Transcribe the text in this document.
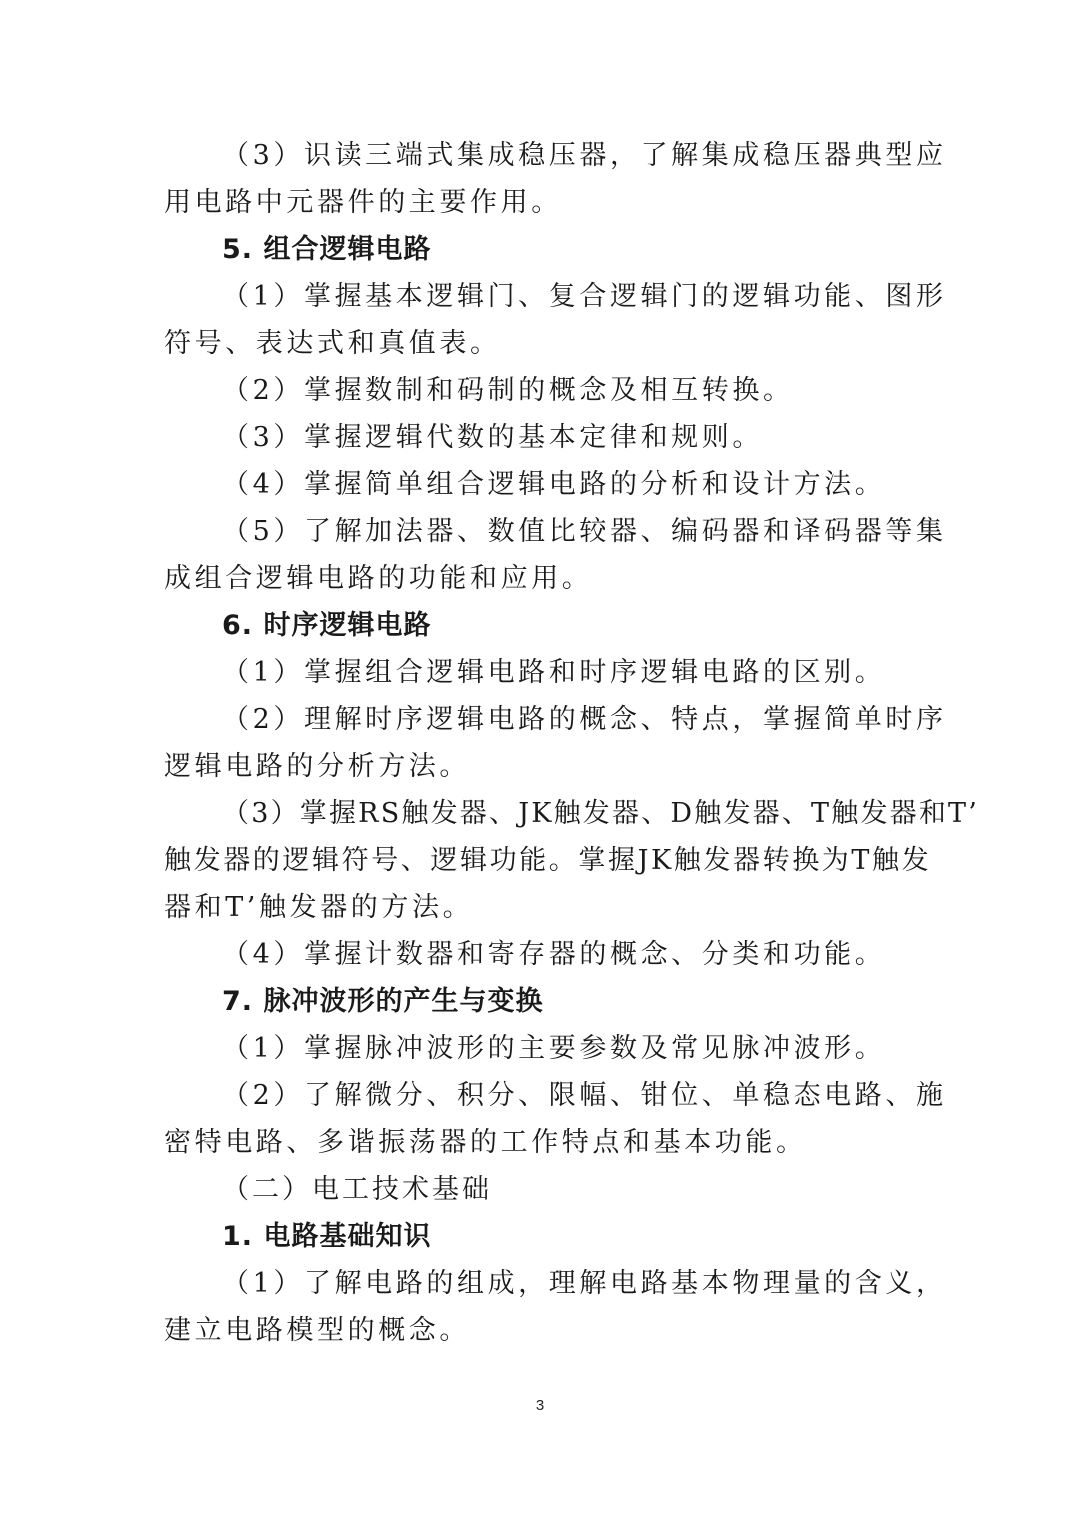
（3）识读三端式集成稳压器，了解集成稳压器典型应
用电路中元器件的主要作用。
5. 组合逻辑电路
（1）掌握基本逻辑门、复合逻辑门的逻辑功能、图形
符号、表达式和真值表。
（2）掌握数制和码制的概念及相互转换。
（3）掌握逻辑代数的基本定律和规则。
（4）掌握简单组合逻辑电路的分析和设计方法。
（5）了解加法器、数值比较器、编码器和译码器等集
成组合逻辑电路的功能和应用。
6. 时序逻辑电路
（1）掌握组合逻辑电路和时序逻辑电路的区别。
（2）理解时序逻辑电路的概念、特点，掌握简单时序
逻辑电路的分析方法。
（3）掌握RS触发器、JK触发器、D触发器、T触发器和T’
触发器的逻辑符号、逻辑功能。掌握JK触发器转换为T触发
器和T’触发器的方法。
（4）掌握计数器和寄存器的概念、分类和功能。
7. 脉冲波形的产生与变换
（1）掌握脉冲波形的主要参数及常见脉冲波形。
（2）了解微分、积分、限幅、钳位、单稳态电路、施
密特电路、多谐振荡器的工作特点和基本功能。
（二）电工技术基础
1. 电路基础知识
（1）了解电路的组成，理解电路基本物理量的含义，
建立电路模型的概念。
3
